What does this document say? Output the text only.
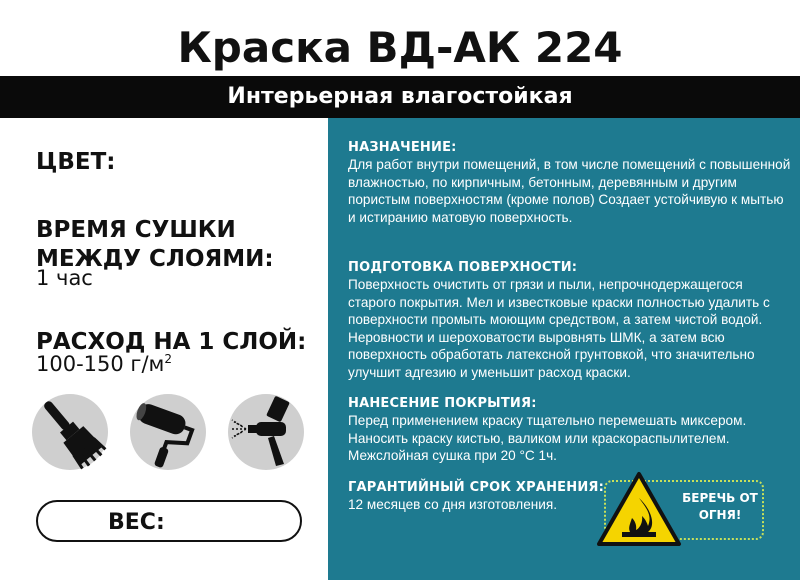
Краска ВД-АК 224
Интерьерная влагостойкая
ЦВЕТ:
ВРЕМЯ СУШКИ МЕЖДУ СЛОЯМИ:
1 час
РАСХОД НА 1 СЛОЙ:
100-150 $г/м^2$
ВЕС:
НАЗНАЧЕНИЕ:
Для работ внутри помещений, в том числе помещений с повышенной влажностью, по кирпичным, бетонным, деревянным и другим пористым поверхностям (кроме полов) Создает устойчивую к мытью и истиранию матовую поверхность.
ПОДГОТОВКА ПОВЕРХНОСТИ:
Поверхность очистить от грязи и пыли, непрочнодержащегося старого покрытия. Мел и известковые краски полностью удалить с поверхности промыть моющим средством, а затем чистой водой. Неровности и шероховатости выровнять ШМК, а затем всю поверхность обработать латексной грунтовкой, что значительно улучшит адгезию и уменьшит расход краски.
НАНЕСЕНИЕ ПОКРЫТИЯ:
Перед применением краску тщательно перемешать миксером. Наносить краску кистью, валиком или краскораспылителем. Межслойная сушка при 20 °С 1ч.
ГАРАНТИЙНЫЙ СРОК ХРАНЕНИЯ:
12 месяцев со дня изготовления.	БЕРЕЧЬ ОТ ОГНЯ!
